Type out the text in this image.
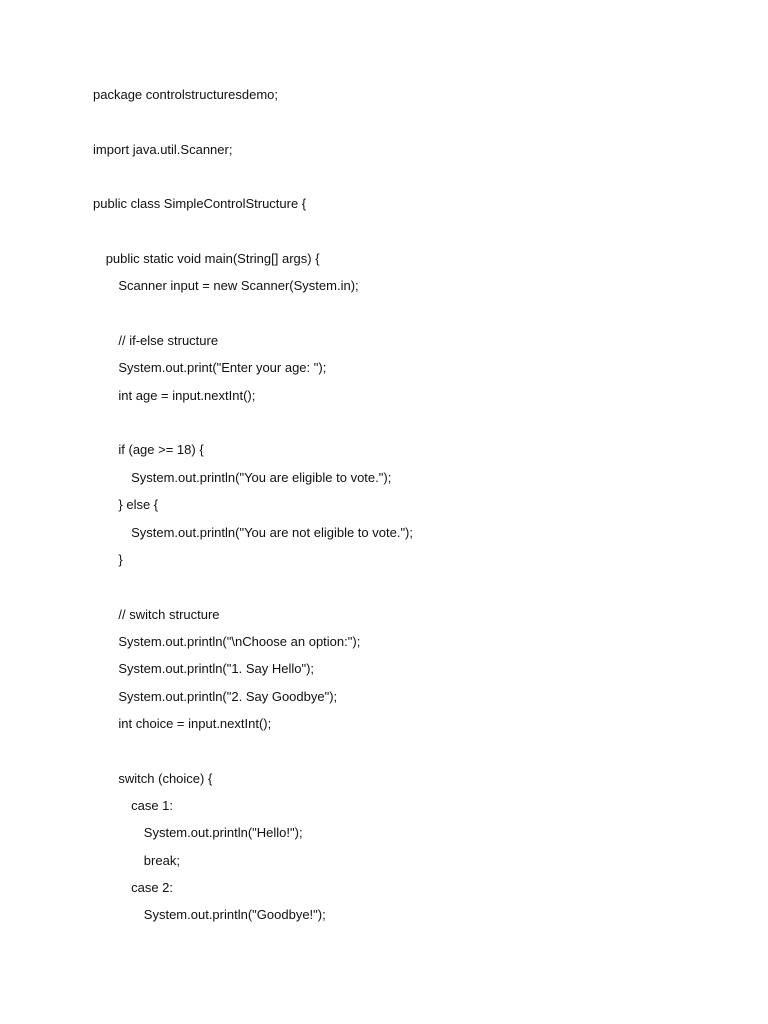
package controlstructuresdemo;
import java.util.Scanner;
public class SimpleControlStructure {
public static void main(String[] args) {
Scanner input = new Scanner(System.in);
// if-else structure
System.out.print("Enter your age: ");
int age = input.nextInt();
if (age >= 18) {
System.out.println("You are eligible to vote.");
} else {
System.out.println("You are not eligible to vote.");
}
// switch structure
System.out.println("\nChoose an option:");
System.out.println("1. Say Hello");
System.out.println("2. Say Goodbye");
int choice = input.nextInt();
switch (choice) {
case 1:
System.out.println("Hello!");
break;
case 2:
System.out.println("Goodbye!");
